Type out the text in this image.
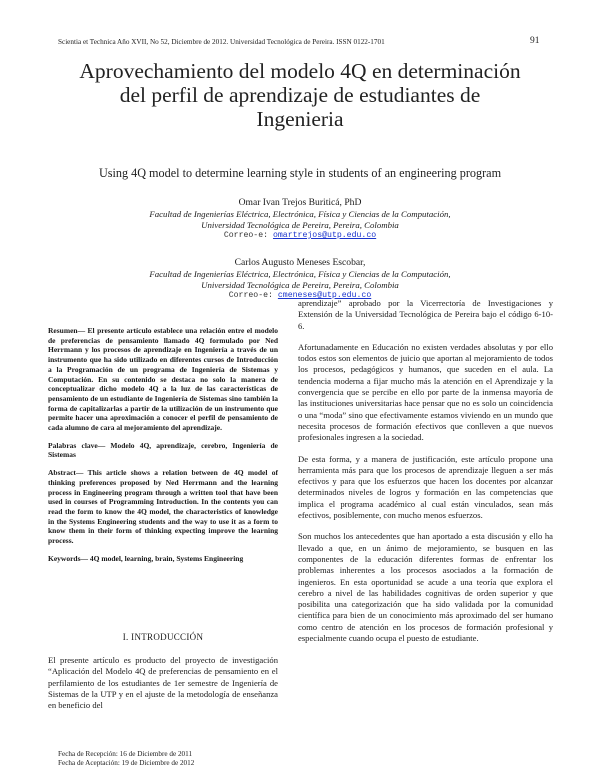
Scientia et Technica Año XVII, No 52, Diciembre de 2012. Universidad Tecnológica de Pereira. ISSN 0122-1701	91
Aprovechamiento del modelo 4Q en determinación
del perfil de aprendizaje de estudiantes de
Ingenieria
Using 4Q model to determine learning style in students of an engineering program
Omar Ivan Trejos Buriticá, PhD
Facultad de Ingenierías Eléctrica, Electrónica, Física y Ciencias de la Computación,
Universidad Tecnológica de Pereira, Pereira, Colombia
Correo-e: omartrejos@utp.edu.co
Carlos Augusto Meneses Escobar,
Facultad de Ingenierías Eléctrica, Electrónica, Física y Ciencias de la Computación,
Universidad Tecnológica de Pereira, Pereira, Colombia
Correo-e: cmeneses@utp.edu.co

Resumen— El presente artículo establece una relación entre el modelo de preferencias de pensamiento llamado 4Q formulado por Ned Herrmann y los procesos de aprendizaje en Ingeniería a través de un instrumento que ha sido utilizado en diferentes cursos de Introducción a la Programación de un programa de Ingeniería de Sistemas y Computación. En su contenido se destaca no solo la manera de conceptualizar dicho modelo 4Q a la luz de las características de pensamiento de un estudiante de Ingeniería de Sistemas sino también la forma de capitalizarlas a partir de la utilización de un instrumento que permite hacer una aproximación a conocer el perfil de pensamiento de cada alumno de cara al mejoramiento del aprendizaje.

Palabras clave— Modelo 4Q, aprendizaje, cerebro, Ingeniería de Sistemas

Abstract— This article shows a relation between de 4Q model of thinking preferences proposed by Ned Herrmann and the learning process in Engineering program through a written tool that have been used in courses of Programming Introduction. In the contents you can read the form to know the 4Q model, the characteristics of knowledge in the Systems Engineering students and the way to use it as a form to know them in their form of thinking expecting improve the learning process.

Keywords— 4Q model, learning, brain, Systems Engineering

I. INTRODUCCIÓN

El presente artículo es producto del proyecto de investigación “Aplicación del Modelo 4Q de preferencias de pensamiento en el perfilamiento de los estudiantes de 1er semestre de Ingeniería de Sistemas de la UTP y en el ajuste de la metodología de enseñanza en beneficio del

Fecha de Recepción: 16 de Diciembre de 2011
Fecha de Aceptación: 19 de Diciembre de 2012

aprendizaje” aprobado por la Vicerrectoría de Investigaciones y Extensión de la Universidad Tecnológica de Pereira bajo el código 6-10-6.

Afortunadamente en Educación no existen verdades absolutas y por ello todos estos son elementos de juicio que aportan al mejoramiento de todos los procesos, pedagógicos y humanos, que suceden en el aula. La tendencia moderna a fijar mucho más la atención en el Aprendizaje y la convergencia que se percibe en ello por parte de la inmensa mayoría de las instituciones universitarias hace pensar que no es solo un coincidencia o una “moda” sino que efectivamente estamos viviendo en un mundo que necesita procesos de formación efectivos que conlleven a que nuevos profesionales ingresen a la sociedad.

De esta forma, y a manera de justificación, este artículo propone una herramienta más para que los procesos de aprendizaje lleguen a ser más efectivos y para que los esfuerzos que hacen los docentes por alcanzar determinados niveles de logros y formación en las competencias que implica el programa académico al cual están vinculados, sean más efectivos, posiblemente, con mucho menos esfuerzos.

Son muchos los antecedentes que han aportado a esta discusión y ello ha llevado a que, en un ánimo de mejoramiento, se busquen en las componentes de la educación diferentes formas de enfrentar los problemas inherentes a los procesos asociados a la formación de ingenieros. En esta oportunidad se acude a una teoría que explora el cerebro a nivel de las habilidades cognitivas de orden superior y que posibilita una categorización que ha sido validada por la comunidad científica para bien de un conocimiento más aproximado del ser humano como centro de atención en los procesos de formación profesional y especialmente cuando ocupa el puesto de estudiante.
